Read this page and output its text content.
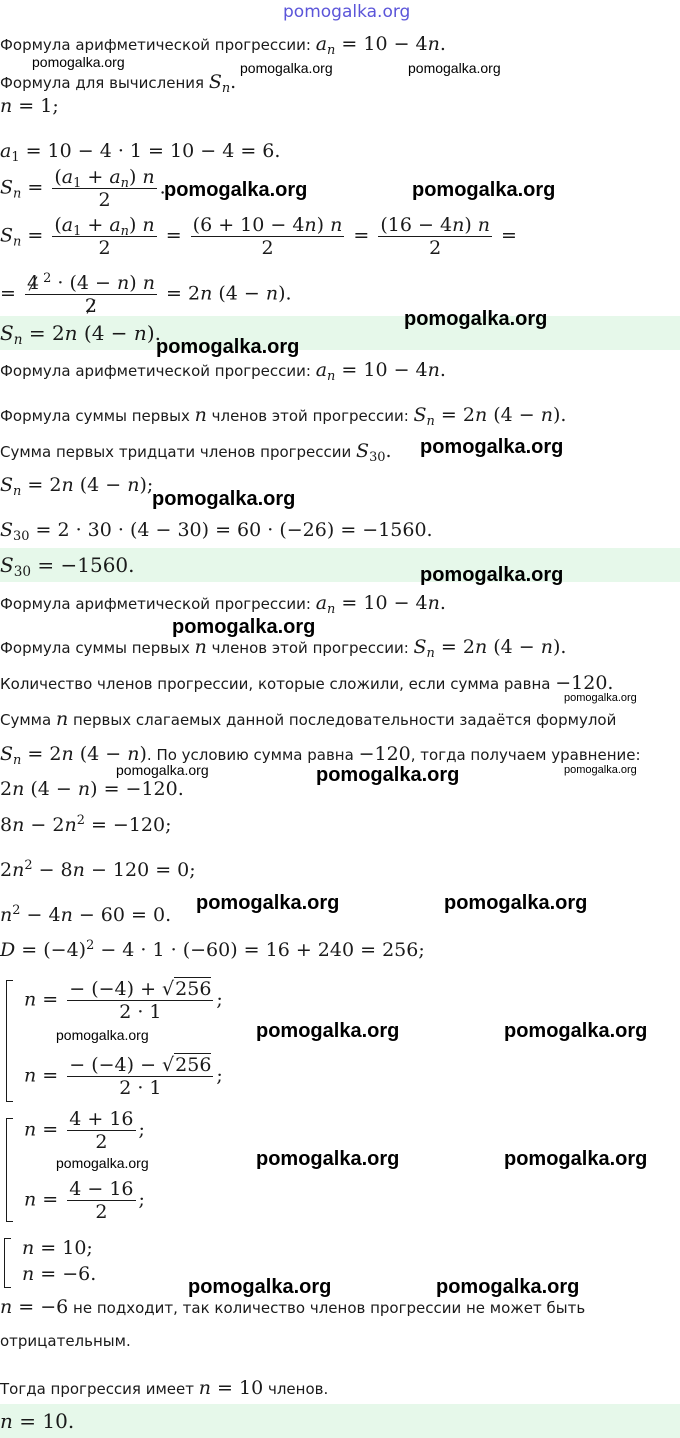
Формула арифметической прогрессии: $a_n = 10 - 4n$.
Формула для вычисления $S_n$.
n = 1;
$a_1 = 10 - 4 \cdot 1 = 10 - 4 = 6$.
$S_n = \frac{(a_1 + a_n) n}{2}$ .
$S_n = \frac{(a_1 + a_n) n}{2} = \frac{(6 + 10 - 4n) n}{2} = \frac{(16 - 4n) n}{2}$ =
= $\frac{4 ^2 \cdot (4 - n) n}{2} = 2n$ (4 − n).
$S_n = 2n$ (4 − n).
Формула арифметической прогрессии: $a_n = 10 - 4n$.
Формула суммы первых n членов этой прогрессии: $S_n = 2n$ (4 − n).
Сумма первых тридцати членов прогрессии $S_{30}$.
$S_n = 2n$ (4 − n);
$S_{30} = 2 \cdot 30 \cdot (4 - 30) = 60 \cdot (-26) = -1560$.
$S_{30} = -1560$.
Формула арифметической прогрессии: $a_n = 10 - 4n$.
Формула суммы первых n членов этой прогрессии: $S_n = 2n$ (4 − n).
Количество членов прогрессии, которые сложили, если сумма равна −120.
Сумма n первых слагаемых данной последовательности задаётся формулой
$S_n = 2n$ (4 − n). По условию сумма равна −120, тогда получаем уравнение:
2n (4 − n) = −120.
$8n - 2n^2 = -120$;
$2n^2 - 8n - 120 = 0$;
$n^2 - 4n - 60 = 0$.
$D = (-4)^2 - 4 \cdot 1 \cdot (-60) = 16 + 240 = 256$;
$n = \frac{- (-4) + √256}{2 \cdot 1}$ ;
$n = \frac{- (-4) - √256}{2 \cdot 1}$ ;
$n = \frac{4 + 16}{2}$ ;
$n = \frac{4 - 16}{2}$ ;
n = 10;
n = −6.
n = −6 не подходит, так количество членов прогрессии не может быть
отрицательным.
Тогда прогрессия имеет n = 10 членов.
n = 10.
pomogalka.org
pomogalka.org	pomogalka.org	pomogalka.org
pomogalka.org	pomogalka.org
pomogalka.org
pomogalka.org
pomogalka.org
pomogalka.org
pomogalka.org
pomogalka.org
pomogalka.org
pomogalka.org	pomogalka.org	pomogalka.org
pomogalka.org	pomogalka.org
pomogalka.org	pomogalka.org	pomogalka.org
pomogalka.org	pomogalka.org	pomogalka.org
pomogalka.org	pomogalka.org
